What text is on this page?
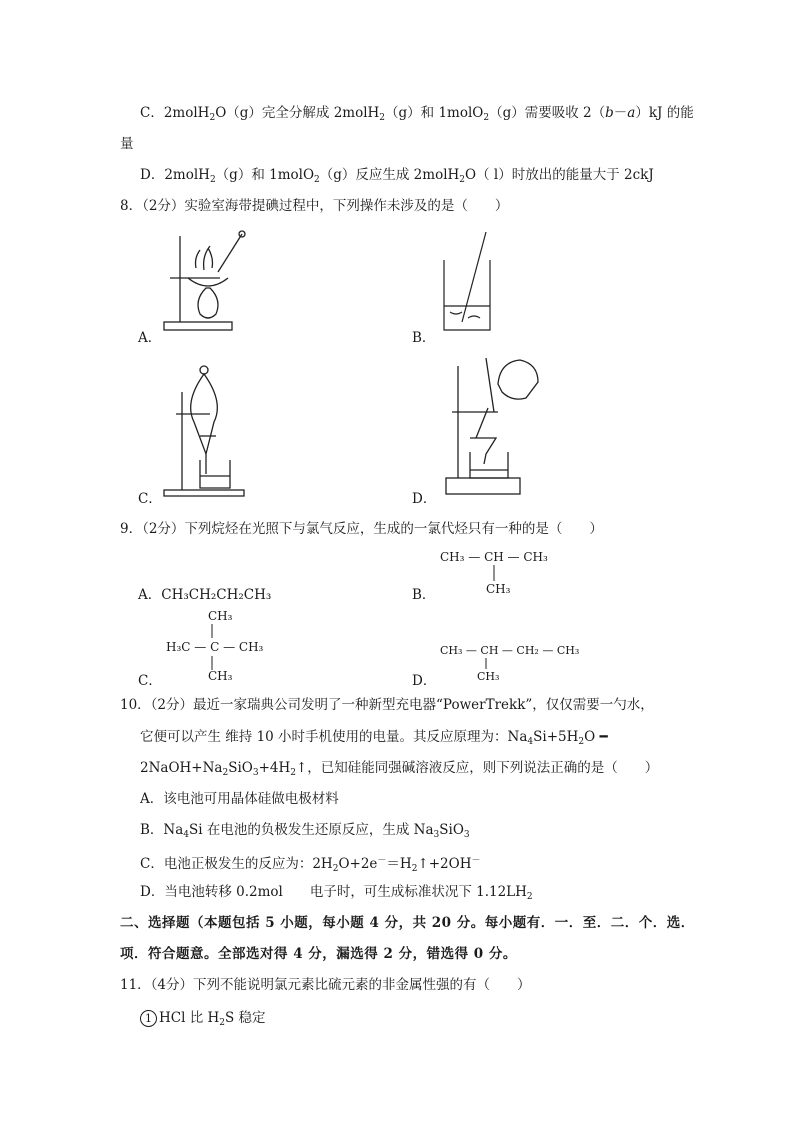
C．2molH$_2$O（g）完全分解成 2molH$_2$（g）和 1molO$_2$（g）需要吸收 2（b－a）kJ 的能
量
D．2molH$_2$（g）和 1molO$_2$（g）反应生成 2molH$_2$O（ l）时放出的能量大于 2ckJ
8．（2分）实验室海带提碘过程中，下列操作未涉及的是（　　）
A．	B．
C．	D．
9．（2分）下列烷烃在光照下与氯气反应，生成的一氯代烃只有一种的是（　　）
A．CH₃CH₂CH₂CH₃	B．
CH₃ — CH — CH₃
CH₃
C．
CH₃
H₃C — C — CH₃
CH₃	D．
CH₃ — CH — CH₂ — CH₃
CH₃
10．（2分）最近一家瑞典公司发明了一种新型充电器“PowerTrekk”，仅仅需要一勺水，
它便可以产生 维持 10 小时手机使用的电量。其反应原理为：$Na_4Si+5H_2O$ ━
$2NaOH+Na_2SiO_3+4H_2↑$，已知硅能同强碱溶液反应，则下列说法正确的是（　　）
A．该电池可用晶体硅做电极材料
B．$Na_4Si$ 在电池的负极发生还原反应，生成 $Na_3SiO_3$
C．电池正极发生的反应为：$2H_2O+2e^-=H_2↑+2OH^-$
D．当电池转移 0.2mol　　电子时，可生成标准状况下 $1.12LH_2$
二、选择题（本题包括 5 小题，每小题 4 分，共 20 分。每小题有．一．至．二．个．选．
项．符合题意。全部选对得 4 分，漏选得 2 分，错选得 0 分。
11．（4分）下列不能说明氯元素比硫元素的非金属性强的有（　　）
1 HCl 比 $H_2S$ 稳定
